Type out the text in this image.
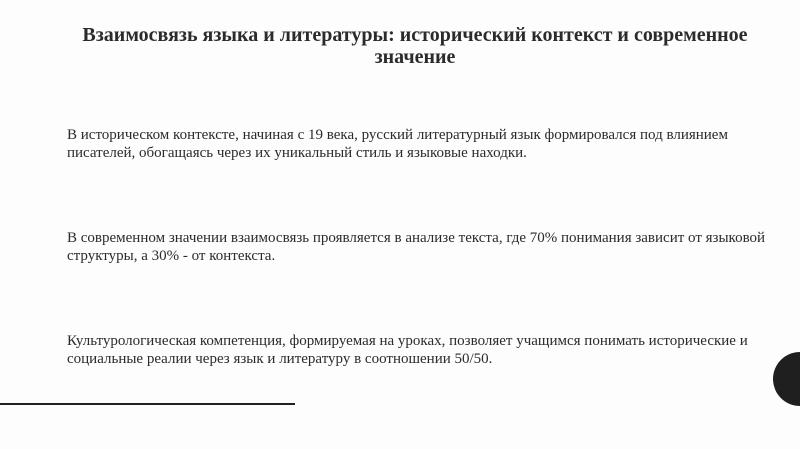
Взаимосвязь языка и литературы: исторический контекст и современное значение

В историческом контексте, начиная с 19 века, русский литературный язык формировался под влиянием писателей, обогащаясь через их уникальный стиль и языковые находки.

В современном значении взаимосвязь проявляется в анализе текста, где 70% понимания зависит от языковой структуры, а 30% - от контекста.

Культурологическая компетенция, формируемая на уроках, позволяет учащимся понимать исторические и социальные реалии через язык и литературу в соотношении 50/50.
